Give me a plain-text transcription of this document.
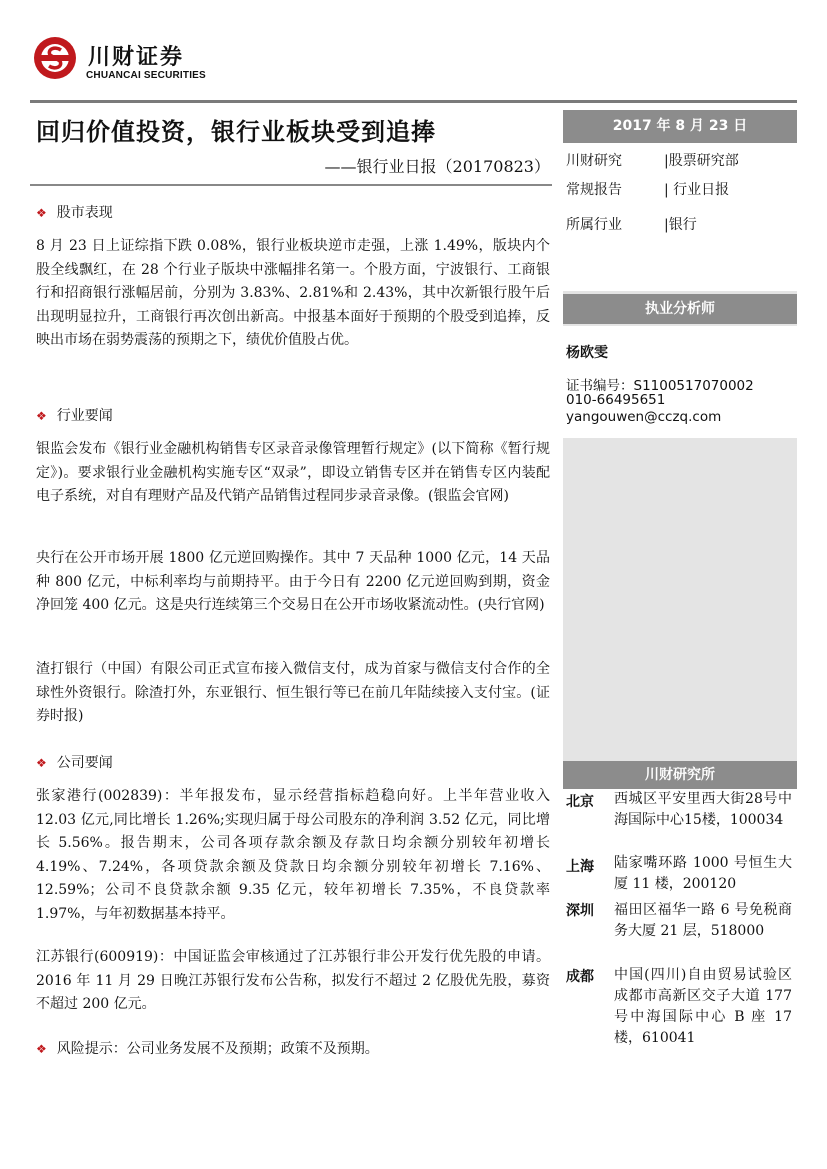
川财证券
CHUANCAI SECURITIES
回归价值投资，银行业板块受到追捧
——银行业日报（20170823）
2017 年 8 月 23 日
川财研究	|股票研究部
常规报告	| 行业日报
所属行业	|银行
执业分析师
杨欧雯
证书编号：S1100517070002
010-66495651
yangouwen@cczq.com
川财研究所
北京 西城区平安里西大街28号中海国际中心15楼，100034
上海 陆家嘴环路 1000 号恒生大厦 11 楼，200120
深圳 福田区福华一路 6 号免税商务大厦 21 层，518000
成都 中国(四川)自由贸易试验区成都市高新区交子大道 177 号中海国际中心 B 座 17 楼，610041
❖ 股市表现
8 月 23 日上证综指下跌 0.08%，银行业板块逆市走强，上涨 1.49%，版块内个股全线飘红，在 28 个行业子版块中涨幅排名第一。个股方面，宁波银行、工商银行和招商银行涨幅居前，分别为 3.83%、2.81%和 2.43%，其中次新银行股午后出现明显拉升，工商银行再次创出新高。中报基本面好于预期的个股受到追捧，反映出市场在弱势震荡的预期之下，绩优价值股占优。
❖ 行业要闻
银监会发布《银行业金融机构销售专区录音录像管理暂行规定》(以下简称《暂行规定》)。要求银行业金融机构实施专区“双录”，即设立销售专区并在销售专区内装配电子系统，对自有理财产品及代销产品销售过程同步录音录像。(银监会官网)
央行在公开市场开展 1800 亿元逆回购操作。其中 7 天品种 1000 亿元，14 天品种 800 亿元，中标利率均与前期持平。由于今日有 2200 亿元逆回购到期，资金净回笼 400 亿元。这是央行连续第三个交易日在公开市场收紧流动性。(央行官网)
渣打银行（中国）有限公司正式宣布接入微信支付，成为首家与微信支付合作的全球性外资银行。除渣打外，东亚银行、恒生银行等已在前几年陆续接入支付宝。(证券时报)
❖ 公司要闻
张家港行(002839)：半年报发布，显示经营指标趋稳向好。上半年营业收入 12.03 亿元,同比增长 1.26%;实现归属于母公司股东的净利润 3.52 亿元，同比增长 5.56%。报告期末，公司各项存款余额及存款日均余额分别较年初增长 4.19%、7.24%，各项贷款余额及贷款日均余额分别较年初增长 7.16%、12.59%；公司不良贷款余额 9.35 亿元，较年初增长 7.35%，不良贷款率 1.97%，与年初数据基本持平。
江苏银行(600919)：中国证监会审核通过了江苏银行非公开发行优先股的申请。2016 年 11 月 29 日晚江苏银行发布公告称，拟发行不超过 2 亿股优先股，募资不超过 200 亿元。
❖ 风险提示：公司业务发展不及预期；政策不及预期。
